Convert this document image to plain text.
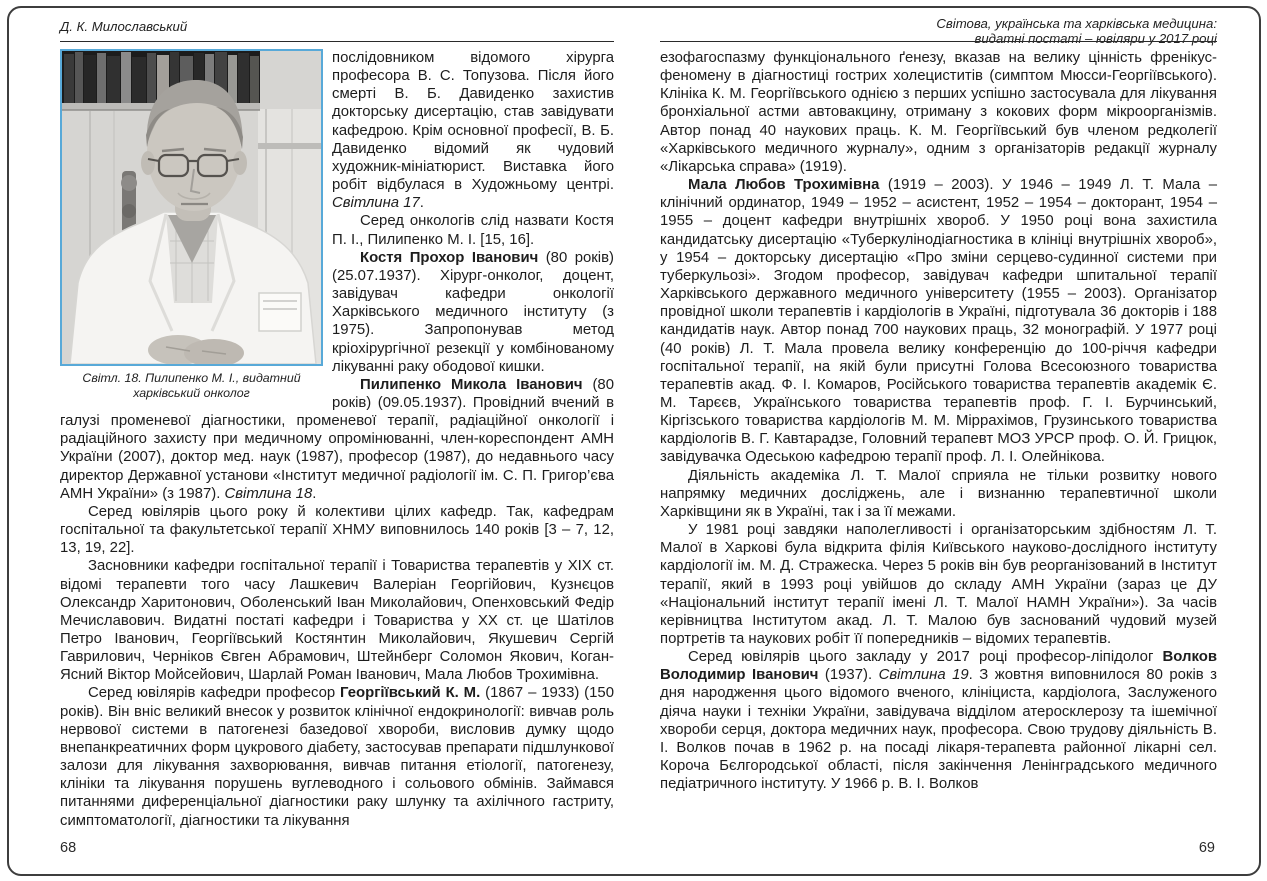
Д. К. Милославський
Світл. 18. Пилипенко М. І., видатний харківський онколог

послідовником відомого хірурга професора В. С. Топузова. Після його смерті В. Б. Давиденко захистив докторську дисертацію, став завідувати кафедрою. Крім основної професії, В. Б. Давиденко відомий як чудовий художник-мініатюрист. Виставка його робіт відбулася в Художньому центрі. Світлина 17.

Серед онкологів слід назвати Костя П. І., Пилипенко М. І. [15, 16].

Костя Прохор Іванович (80 років) (25.07.1937). Хірург-онколог, доцент, завідувач кафедри онкології Харківського медичного інституту (з 1975). Запропонував метод кріохірургічної резекції у комбінованому лікуванні раку ободової кишки.

Пилипенко Микола Іванович (80 років) (09.05.1937). Провідний вчений в галузі променевої діагностики, променевої терапії, радіаційної онкології і радіаційного захисту при медичному опромінюванні, член-кореспондент АМН України (2007), доктор мед. наук (1987), професор (1987), до недавнього часу директор Державної установи «Інститут медичної радіології ім. С. П. Григор’єва АМН України» (з 1987). Світлина 18.

Серед ювілярів цього року й колективи цілих кафедр. Так, кафедрам госпітальної та факультетської терапії ХНМУ виповнилось 140 років [3 – 7, 12, 13, 19, 22].

Засновники кафедри госпітальної терапії і Товариства терапевтів у XIX ст. відомі терапевти того часу Лашкевич Валеріан Георгійович, Кузнєцов Олександр Харитонович, Оболенський Іван Миколайович, Опенховський Федір Мечиславович. Видатні постаті кафедри і Товариства у XX ст. це Шатілов Петро Іванович, Георгіївський Костянтин Миколайович, Якушевич Сергій Гаврилович, Черніков Євген Абрамович, Штейнберг Соломон Якович, Коган-Ясний Віктор Мойсейович, Шарлай Роман Іванович, Мала Любов Трохимівна.

Серед ювілярів кафедри професор Георгіївський К. М. (1867 – 1933) (150 років). Він вніс великий внесок у розвиток клінічної ендокринології: вивчав роль нервової системи в патогенезі базедової хвороби, висловив думку щодо внепанкреатичних форм цукрового діабету, застосував препарати підшлункової залози для лікування захворювання, вивчав питання етіології, патогенезу, клініки та лікування порушень вуглеводного і сольового обмінів. Займався питаннями диференціальної діагностики раку шлунку та ахілічного гастриту, симптоматології, діагностики та лікування

68
Світова, українська та харківська медицина:
видатні постаті – ювіляри у 2017 році

езофагоспазму функціонального ґенезу, вказав на велику цінність френікус-феномену в діагностиці гострих холециститів (симптом Мюсси-Георгіївського). Клініка К. М. Георгіївського однією з перших успішно застосувала для лікування бронхіальної астми автовакцину, отриману з кокових форм мікроорганізмів. Автор понад 40 наукових праць. К. М. Георгіївський був членом редколегії «Харківського медичного журналу», одним з організаторів редакції журналу «Лікарська справа» (1919).

Мала Любов Трохимівна (1919 – 2003). У 1946 – 1949 Л. Т. Мала – клінічний ординатор, 1949 – 1952 – асистент, 1952 – 1954 – докторант, 1954 – 1955 – доцент кафедри внутрішніх хвороб. У 1950 році вона захистила кандидатську дисертацію «Туберкулінодіагностика в клініці внутрішніх хвороб», у 1954 – докторську дисертацію «Про зміни серцево-судинної системи при туберкульозі». Згодом професор, завідувач кафедри шпитальної терапії Харківського державного медичного університету (1955 – 2003). Організатор провідної школи терапевтів і кардіологів в Україні, підготувала 36 докторів і 188 кандидатів наук. Автор понад 700 наукових праць, 32 монографій. У 1977 році (40 років) Л. Т. Мала провела велику конференцію до 100-річчя кафедри госпітальної терапії, на якій були присутні Голова Всесоюзного товариства терапевтів акад. Ф. І. Комаров, Російського товариства терапевтів академік Є. М. Тарєєв, Українського товариства терапевтів проф. Г. І. Бурчинський, Кіргізського товариства кардіологів М. М. Міррахімов, Грузинського товариства кардіологів В. Г. Кавтарадзе, Головний терапевт МОЗ УРСР проф. О. Й. Грицюк, завідувачка Одеською кафедрою терапії проф. Л. І. Олейнікова.

Діяльність академіка Л. Т. Малої сприяла не тільки розвитку нового напрямку медичних досліджень, але і визнанню терапевтичної школи Харківщини як в Україні, так і за її межами.

У 1981 році завдяки наполегливості і організаторським здібностям Л. Т. Малої в Харкові була відкрита філія Київського науково-дослідного інституту кардіології ім. М. Д. Стражеска. Через 5 років він був реорганізований в Інститут терапії, який в 1993 році увійшов до складу АМН України (зараз це ДУ «Національний інститут терапії імені Л. Т. Малої НАМН України»). За часів керівництва Інститутом акад. Л. Т. Малою був заснований чудовий музей портретів та наукових робіт її попередників – відомих терапевтів.

Серед ювілярів цього закладу у 2017 році професор-ліпідолог Волков Володимир Іванович (1937). Світлина 19. З жовтня виповнилося 80 років з дня народження цього відомого вченого, клініциста, кардіолога, Заслуженого діяча науки і техніки України, завідувача відділом атеросклерозу та ішемічної хвороби серця, доктора медичних наук, професора. Свою трудову діяльність В. І. Волков почав в 1962 р. на посаді лікаря-терапевта районної лікарні сел. Короча Бєлгородської області, після закінчення Ленінградського медичного педіатричного інституту. У 1966 р. В. І. Волков

69
